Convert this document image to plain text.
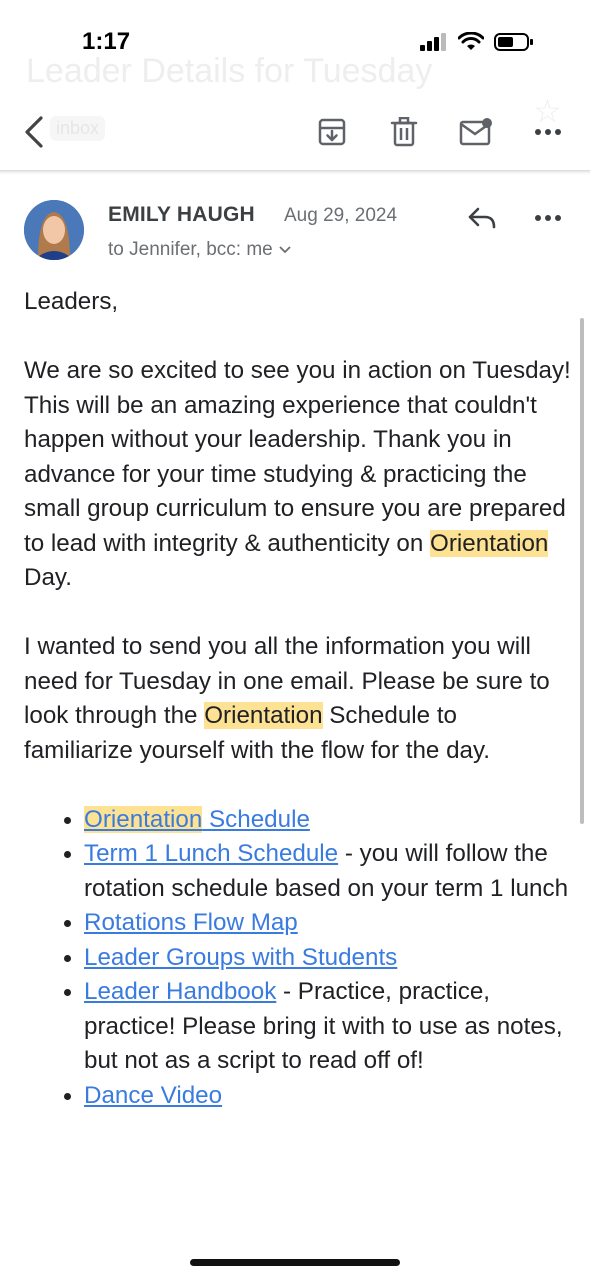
1:17
Leader Details for Tuesday
inbox	☆
EMILY HAUGH Aug 29, 2024
to Jennifer, bcc: me

Leaders,

We are so excited to see you in action on Tuesday! This will be an amazing experience that couldn't happen without your leadership. Thank you in advance for your time studying & practicing the small group curriculum to ensure you are prepared to lead with integrity & authenticity on Orientation Day.

I wanted to send you all the information you will need for Tuesday in one email. Please be sure to look through the Orientation Schedule to familiarize yourself with the flow for the day.

• Orientation Schedule
• Term 1 Lunch Schedule - you will follow the rotation schedule based on your term 1 lunch
• Rotations Flow Map
• Leader Groups with Students
• Leader Handbook - Practice, practice, practice! Please bring it with to use as notes, but not as a script to read off of!
• Dance Video
